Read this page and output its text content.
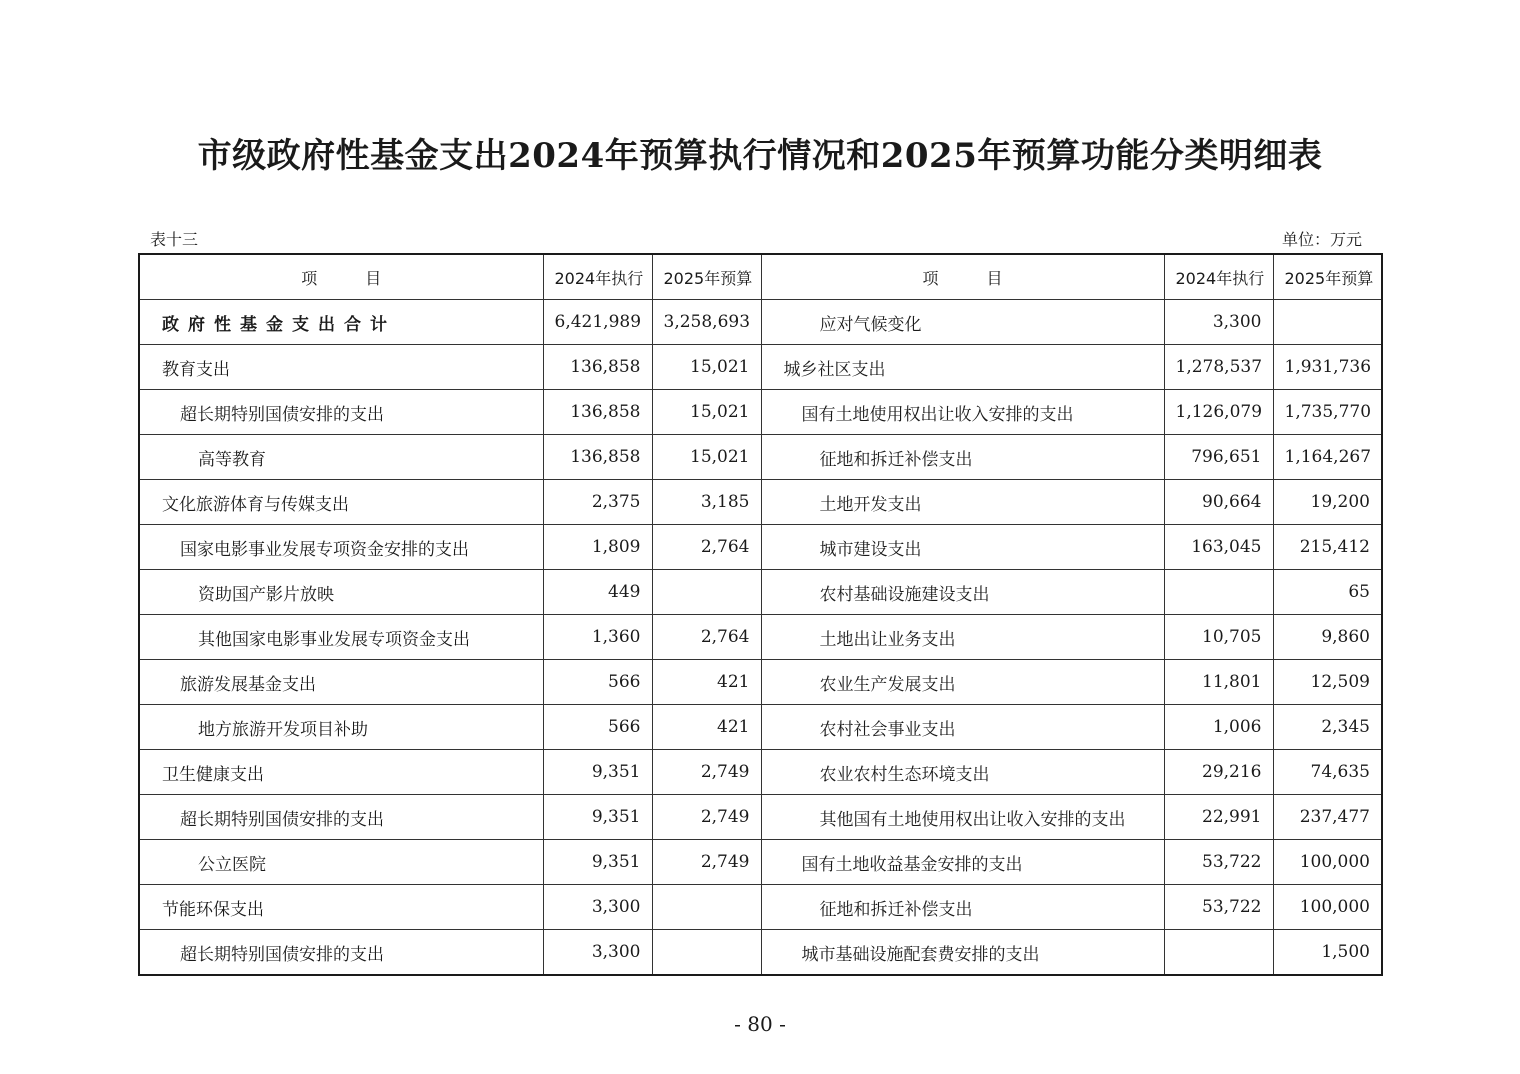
市级政府性基金支出2024年预算执行情况和2025年预算功能分类明细表
表十三	单位：万元
项　　　目	2024年执行	2025年预算	项　　　目	2024年执行	2025年预算
政府性基金支出合计	6,421,989	3,258,693	应对气候变化	3,300	
教育支出	136,858	15,021	城乡社区支出	1,278,537	1,931,736
超长期特别国债安排的支出	136,858	15,021	国有土地使用权出让收入安排的支出	1,126,079	1,735,770
高等教育	136,858	15,021	征地和拆迁补偿支出	796,651	1,164,267
文化旅游体育与传媒支出	2,375	3,185	土地开发支出	90,664	19,200
国家电影事业发展专项资金安排的支出	1,809	2,764	城市建设支出	163,045	215,412
资助国产影片放映	449		农村基础设施建设支出		65
其他国家电影事业发展专项资金支出	1,360	2,764	土地出让业务支出	10,705	9,860
旅游发展基金支出	566	421	农业生产发展支出	11,801	12,509
地方旅游开发项目补助	566	421	农村社会事业支出	1,006	2,345
卫生健康支出	9,351	2,749	农业农村生态环境支出	29,216	74,635
超长期特别国债安排的支出	9,351	2,749	其他国有土地使用权出让收入安排的支出	22,991	237,477
公立医院	9,351	2,749	国有土地收益基金安排的支出	53,722	100,000
节能环保支出	3,300		征地和拆迁补偿支出	53,722	100,000
超长期特别国债安排的支出	3,300		城市基础设施配套费安排的支出		1,500
- 80 -
